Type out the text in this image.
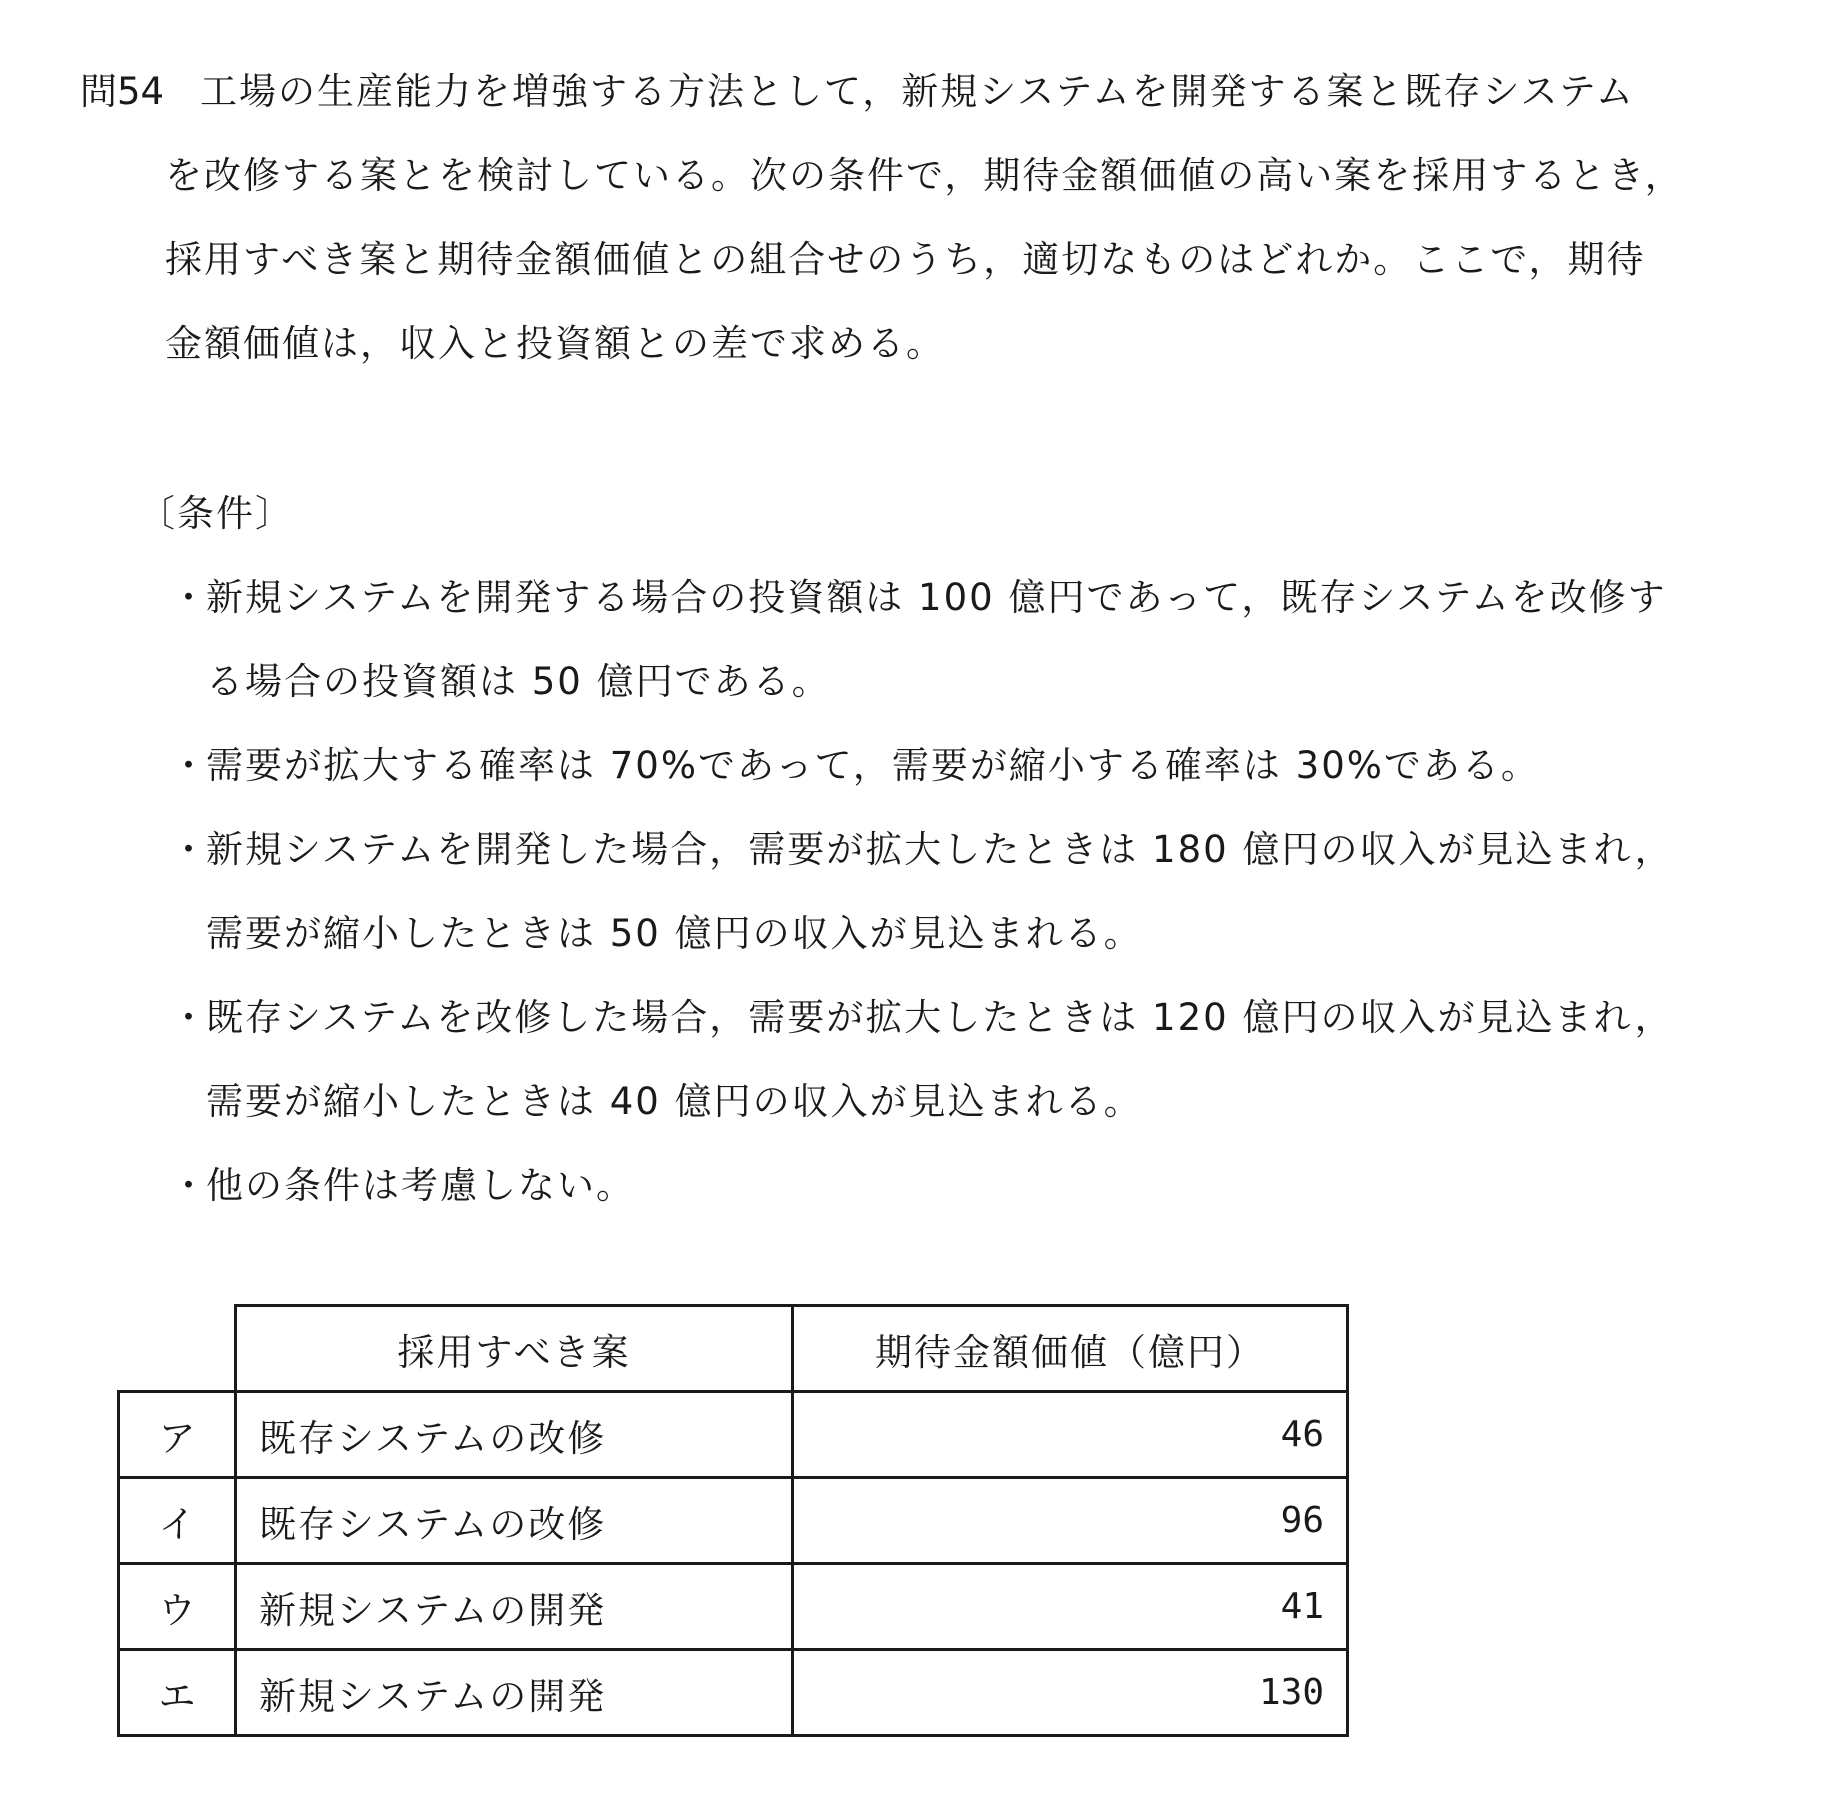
問54 工場の生産能力を増強する方法として，新規システムを開発する案と既存システム
を改修する案とを検討している。次の条件で，期待金額価値の高い案を採用するとき，
採用すべき案と期待金額価値との組合せのうち，適切なものはどれか。ここで，期待
金額価値は，収入と投資額との差で求める。
〔条件〕
・新規システムを開発する場合の投資額は 100 億円であって，既存システムを改修す
る場合の投資額は 50 億円である。
・需要が拡大する確率は 70%であって，需要が縮小する確率は 30%である。
・新規システムを開発した場合，需要が拡大したときは 180 億円の収入が見込まれ，
需要が縮小したときは 50 億円の収入が見込まれる。
・既存システムを改修した場合，需要が拡大したときは 120 億円の収入が見込まれ，
需要が縮小したときは 40 億円の収入が見込まれる。
・他の条件は考慮しない。
	採用すべき案	期待金額価値（億円）
ア	既存システムの改修	46
イ	既存システムの改修	96
ウ	新規システムの開発	41
エ	新規システムの開発	130
